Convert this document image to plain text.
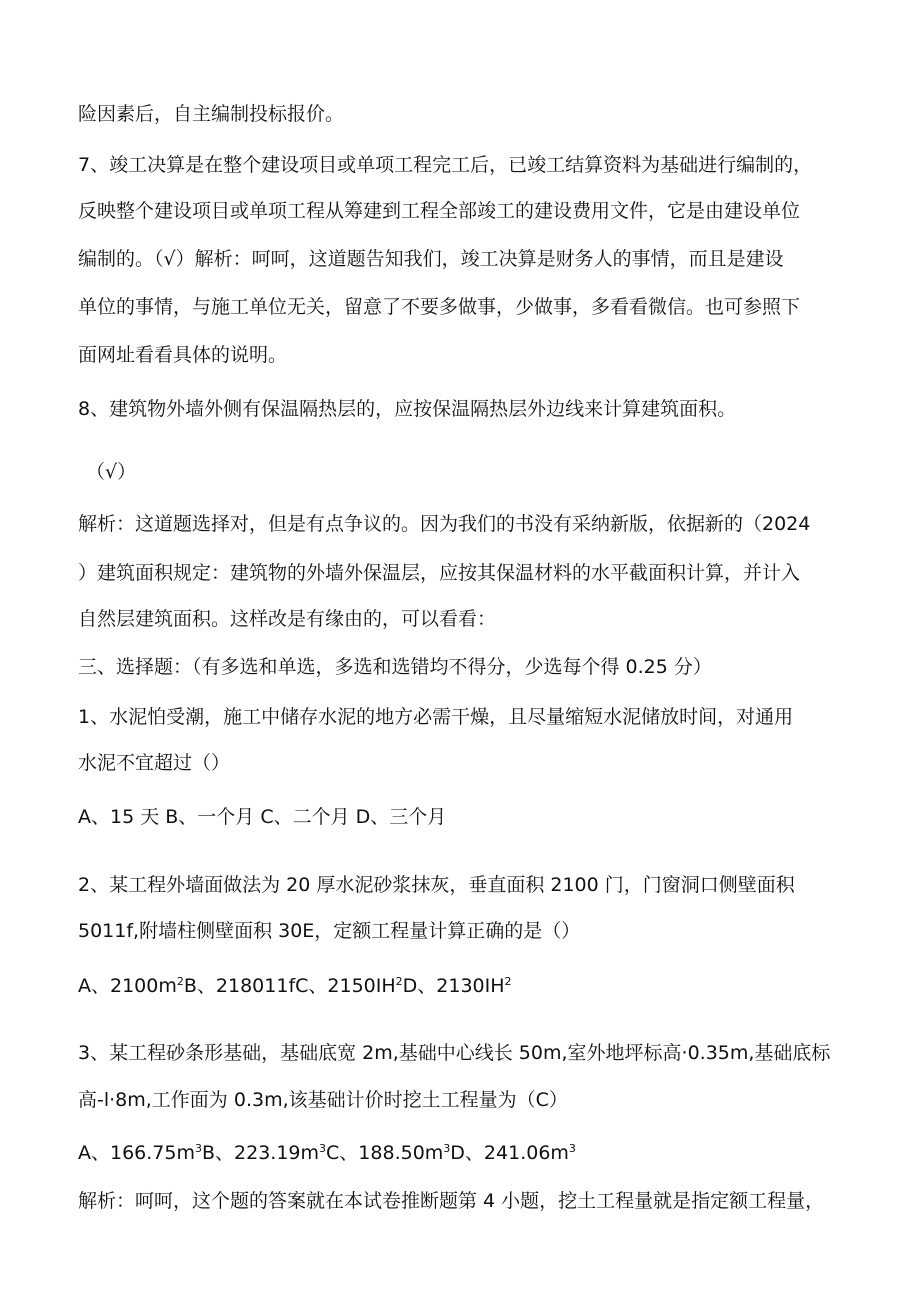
险因素后，自主编制投标报价。
7、竣工决算是在整个建设项目或单项工程完工后，已竣工结算资料为基础进行编制的，
反映整个建设项目或单项工程从筹建到工程全部竣工的建设费用文件，它是由建设单位
编制的。（√）解析：呵呵，这道题告知我们，竣工决算是财务人的事情，而且是建设
单位的事情，与施工单位无关，留意了不要多做事，少做事，多看看微信。也可参照下
面网址看看具体的说明。
8、建筑物外墙外侧有保温隔热层的，应按保温隔热层外边线来计算建筑面积。
（√）
解析：这道题选择对，但是有点争议的。因为我们的书没有采纳新版，依据新的（2024
）建筑面积规定：建筑物的外墙外保温层，应按其保温材料的水平截面积计算，并计入
自然层建筑面积。这样改是有缘由的，可以看看：
三、选择题：（有多选和单选，多选和选错均不得分，少选每个得 0.25 分）
1、水泥怕受潮，施工中储存水泥的地方必需干燥，且尽量缩短水泥储放时间，对通用
水泥不宜超过（）
A、15 天 B、一个月 C、二个月 D、三个月
2、某工程外墙面做法为 20 厚水泥砂浆抹灰，垂直面积 2100 门，门窗洞口侧壁面积
5011f,附墙柱侧壁面积 30E，定额工程量计算正确的是（）
A、$2100m^2B$、218011fC、$2150IH^2D$、$2130IH^2$
3、某工程砂条形基础，基础底宽 2m,基础中心线长 50m,室外地坪标高·0.35m,基础底标
高-l·8m,工作面为 0.3m,该基础计价时挖土工程量为（C）
A、$166.75m^3B$、$223.19m^3C$、$188.50m^3D$、$241.06m^3$
解析：呵呵，这个题的答案就在本试卷推断题第 4 小题，挖土工程量就是指定额工程量，
